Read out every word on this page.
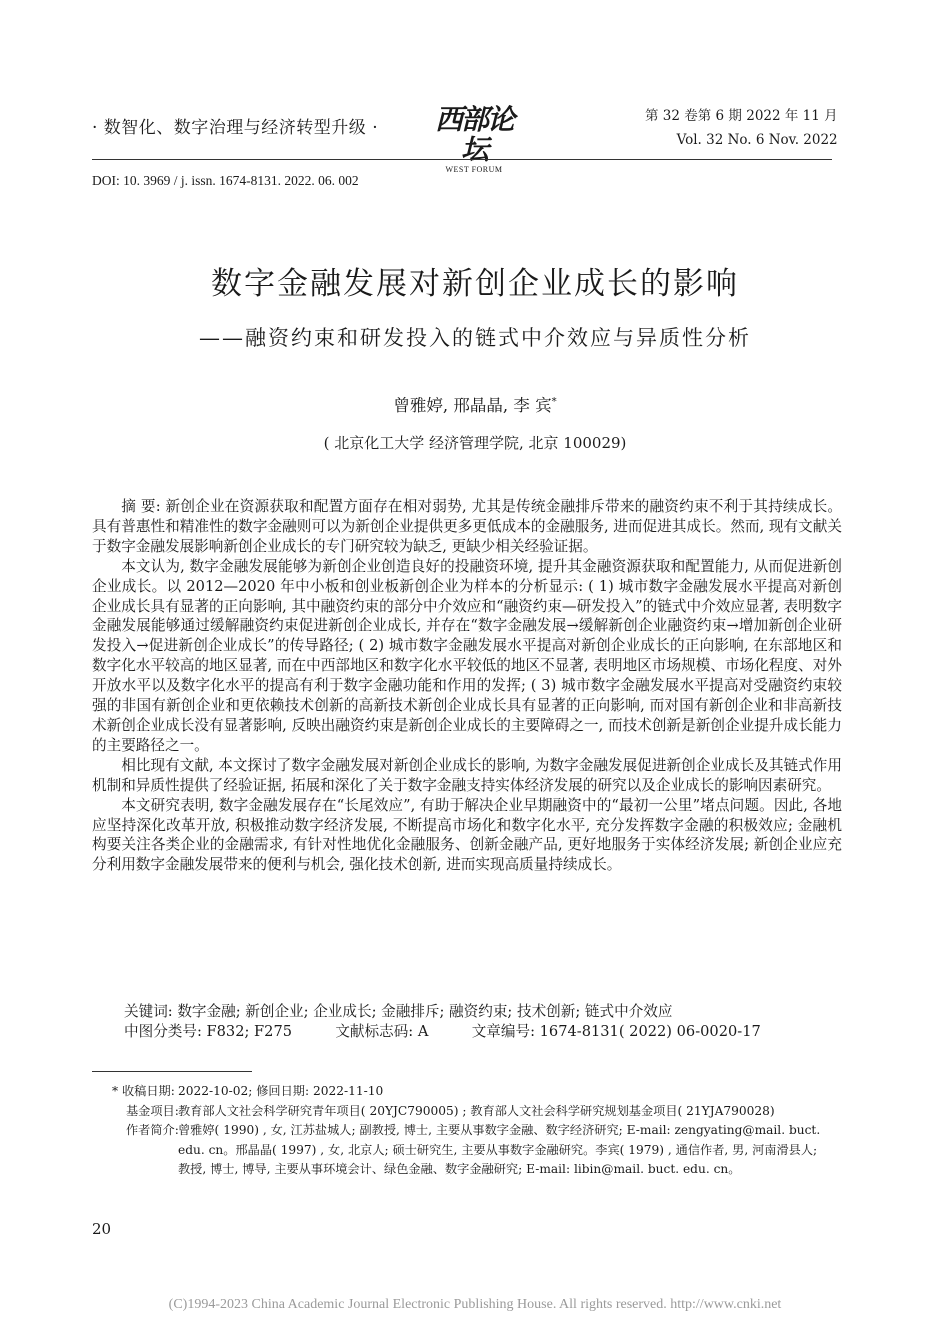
· 数智化、数字治理与经济转型升级 ·	西部论坛
WEST FORUM
第 32 卷第 6 期 2022 年 11 月
Vol. 32 No. 6 Nov. 2022
DOI: 10. 3969 / j. issn. 1674-8131. 2022. 06. 002
数字金融发展对新创企业成长的影响
——融资约束和研发投入的链式中介效应与异质性分析
曾雅婷, 邢晶晶, 李 宾*
( 北京化工大学 经济管理学院, 北京 100029)

摘 要: 新创企业在资源获取和配置方面存在相对弱势, 尤其是传统金融排斥带来的融资约束不利于其持续成长。具有普惠性和精准性的数字金融则可以为新创企业提供更多更低成本的金融服务, 进而促进其成长。然而, 现有文献关于数字金融发展影响新创企业成长的专门研究较为缺乏, 更缺少相关经验证据。

本文认为, 数字金融发展能够为新创企业创造良好的投融资环境, 提升其金融资源获取和配置能力, 从而促进新创企业成长。以 2012—2020 年中小板和创业板新创企业为样本的分析显示: ( 1) 城市数字金融发展水平提高对新创企业成长具有显著的正向影响, 其中融资约束的部分中介效应和“融资约束—研发投入”的链式中介效应显著, 表明数字金融发展能够通过缓解融资约束促进新创企业成长, 并存在“数字金融发展→缓解新创企业融资约束→增加新创企业研发投入→促进新创企业成长”的传导路径; ( 2) 城市数字金融发展水平提高对新创企业成长的正向影响, 在东部地区和数字化水平较高的地区显著, 而在中西部地区和数字化水平较低的地区不显著, 表明地区市场规模、市场化程度、对外开放水平以及数字化水平的提高有利于数字金融功能和作用的发挥; ( 3) 城市数字金融发展水平提高对受融资约束较强的非国有新创企业和更依赖技术创新的高新技术新创企业成长具有显著的正向影响, 而对国有新创企业和非高新技术新创企业成长没有显著影响, 反映出融资约束是新创企业成长的主要障碍之一, 而技术创新是新创企业提升成长能力的主要路径之一。

相比现有文献, 本文探讨了数字金融发展对新创企业成长的影响, 为数字金融发展促进新创企业成长及其链式作用机制和异质性提供了经验证据, 拓展和深化了关于数字金融支持实体经济发展的研究以及企业成长的影响因素研究。

本文研究表明, 数字金融发展存在“长尾效应”, 有助于解决企业早期融资中的“最初一公里”堵点问题。因此, 各地应坚持深化改革开放, 积极推动数字经济发展, 不断提高市场化和数字化水平, 充分发挥数字金融的积极效应; 金融机构要关注各类企业的金融需求, 有针对性地优化金融服务、创新金融产品, 更好地服务于实体经济发展; 新创企业应充分利用数字金融发展带来的便利与机会, 强化技术创新, 进而实现高质量持续成长。

关键词: 数字金融; 新创企业; 企业成长; 金融排斥; 融资约束; 技术创新; 链式中介效应
中图分类号: F832; F275	文献标志码: A	文章编号: 1674-8131( 2022) 06-0020-17
* 收稿日期: 2022-10-02; 修回日期: 2022-11-10
基金项目: 教育部人文社会科学研究青年项目( 20YJC790005) ; 教育部人文社会科学研究规划基金项目( 21YJA790028)
作者简介: 曾雅婷( 1990) , 女, 江苏盐城人; 副教授, 博士, 主要从事数字金融、数字经济研究; E-mail: zengyating@mail. buct. edu. cn。邢晶晶( 1997) , 女, 北京人; 硕士研究生, 主要从事数字金融研究。李宾( 1979) , 通信作者, 男, 河南滑县人; 教授, 博士, 博导, 主要从事环境会计、绿色金融、数字金融研究; E-mail: libin@mail. buct. edu. cn。
20
(C)1994-2023 China Academic Journal Electronic Publishing House. All rights reserved. http://www.cnki.net
